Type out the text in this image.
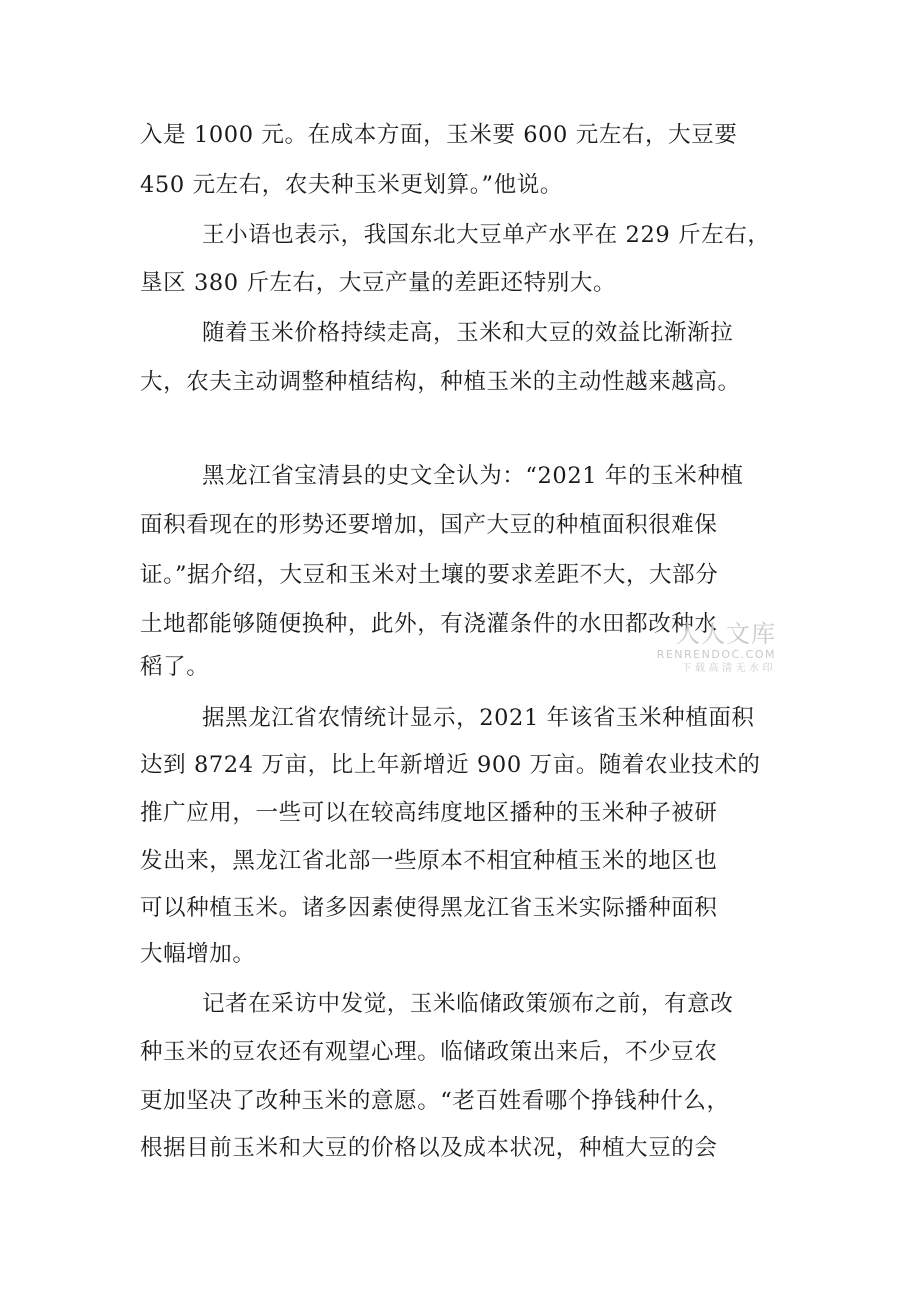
入是 1000 元。在成本方面，玉米要 600 元左右，大豆要
450 元左右，农夫种玉米更划算。”他说。
王小语也表示，我国东北大豆单产水平在 229 斤左右，
垦区 380 斤左右，大豆产量的差距还特别大。
随着玉米价格持续走高，玉米和大豆的效益比渐渐拉
大，农夫主动调整种植结构，种植玉米的主动性越来越高。
黑龙江省宝清县的史文全认为：“2021 年的玉米种植
面积看现在的形势还要增加，国产大豆的种植面积很难保
证。”据介绍，大豆和玉米对土壤的要求差距不大，大部分
土地都能够随便换种，此外，有浇灌条件的水田都改种水
稻了。
据黑龙江省农情统计显示，2021 年该省玉米种植面积
达到 8724 万亩，比上年新增近 900 万亩。随着农业技术的
推广应用，一些可以在较高纬度地区播种的玉米种子被研
发出来，黑龙江省北部一些原本不相宜种植玉米的地区也
可以种植玉米。诸多因素使得黑龙江省玉米实际播种面积
大幅增加。
记者在采访中发觉，玉米临储政策颁布之前，有意改
种玉米的豆农还有观望心理。临储政策出来后，不少豆农
更加坚决了改种玉米的意愿。“老百姓看哪个挣钱种什么，
根据目前玉米和大豆的价格以及成本状况，种植大豆的会
人人文库
RENRENDOC.COM
下载高清无水印
